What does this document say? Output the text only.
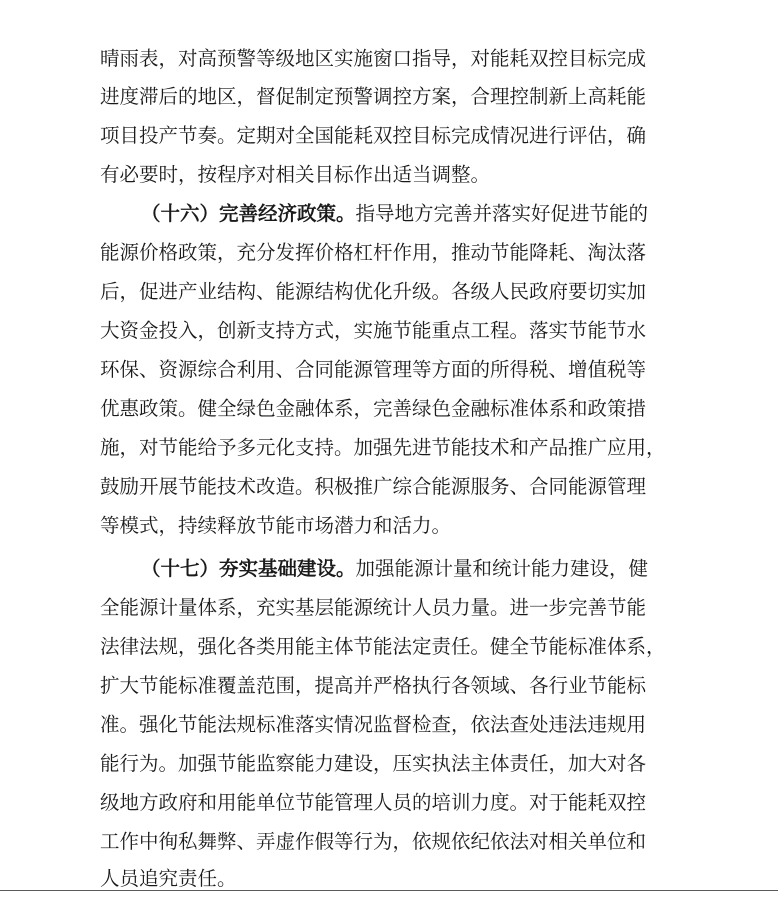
晴雨表，对高预警等级地区实施窗口指导，对能耗双控目标完成
进度滞后的地区，督促制定预警调控方案，合理控制新上高耗能
项目投产节奏。定期对全国能耗双控目标完成情况进行评估，确
有必要时，按程序对相关目标作出适当调整。
（十六）完善经济政策。指导地方完善并落实好促进节能的
能源价格政策，充分发挥价格杠杆作用，推动节能降耗、淘汰落
后，促进产业结构、能源结构优化升级。各级人民政府要切实加
大资金投入，创新支持方式，实施节能重点工程。落实节能节水
环保、资源综合利用、合同能源管理等方面的所得税、增值税等
优惠政策。健全绿色金融体系，完善绿色金融标准体系和政策措
施，对节能给予多元化支持。加强先进节能技术和产品推广应用，
鼓励开展节能技术改造。积极推广综合能源服务、合同能源管理
等模式，持续释放节能市场潜力和活力。
（十七）夯实基础建设。加强能源计量和统计能力建设，健
全能源计量体系，充实基层能源统计人员力量。进一步完善节能
法律法规，强化各类用能主体节能法定责任。健全节能标准体系，
扩大节能标准覆盖范围，提高并严格执行各领域、各行业节能标
准。强化节能法规标准落实情况监督检查，依法查处违法违规用
能行为。加强节能监察能力建设，压实执法主体责任，加大对各
级地方政府和用能单位节能管理人员的培训力度。对于能耗双控
工作中徇私舞弊、弄虚作假等行为，依规依纪依法对相关单位和
人员追究责任。
